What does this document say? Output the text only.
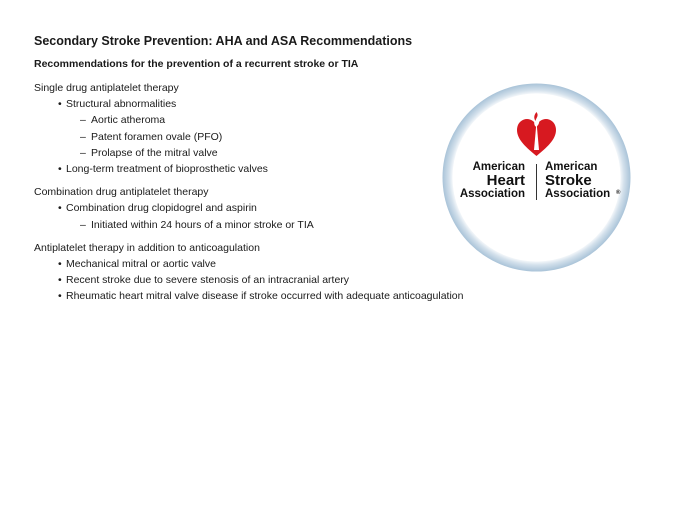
Secondary Stroke Prevention: AHA and ASA Recommendations
Recommendations for the prevention of a recurrent stroke or TIA
Single drug antiplatelet therapy
• Structural abnormalities
– Aortic atheroma
– Patent foramen ovale (PFO)
– Prolapse of the mitral valve
• Long-term treatment of bioprosthetic valves
Combination drug antiplatelet therapy
• Combination drug clopidogrel and aspirin
– Initiated within 24 hours of a minor stroke or TIA
Antiplatelet therapy in addition to anticoagulation
• Mechanical mitral or aortic valve
• Recent stroke due to severe stenosis of an intracranial artery
• Rheumatic heart mitral valve disease if stroke occurred with adequate anticoagulation
American
Heart
Association
American
Stroke
Association ®
